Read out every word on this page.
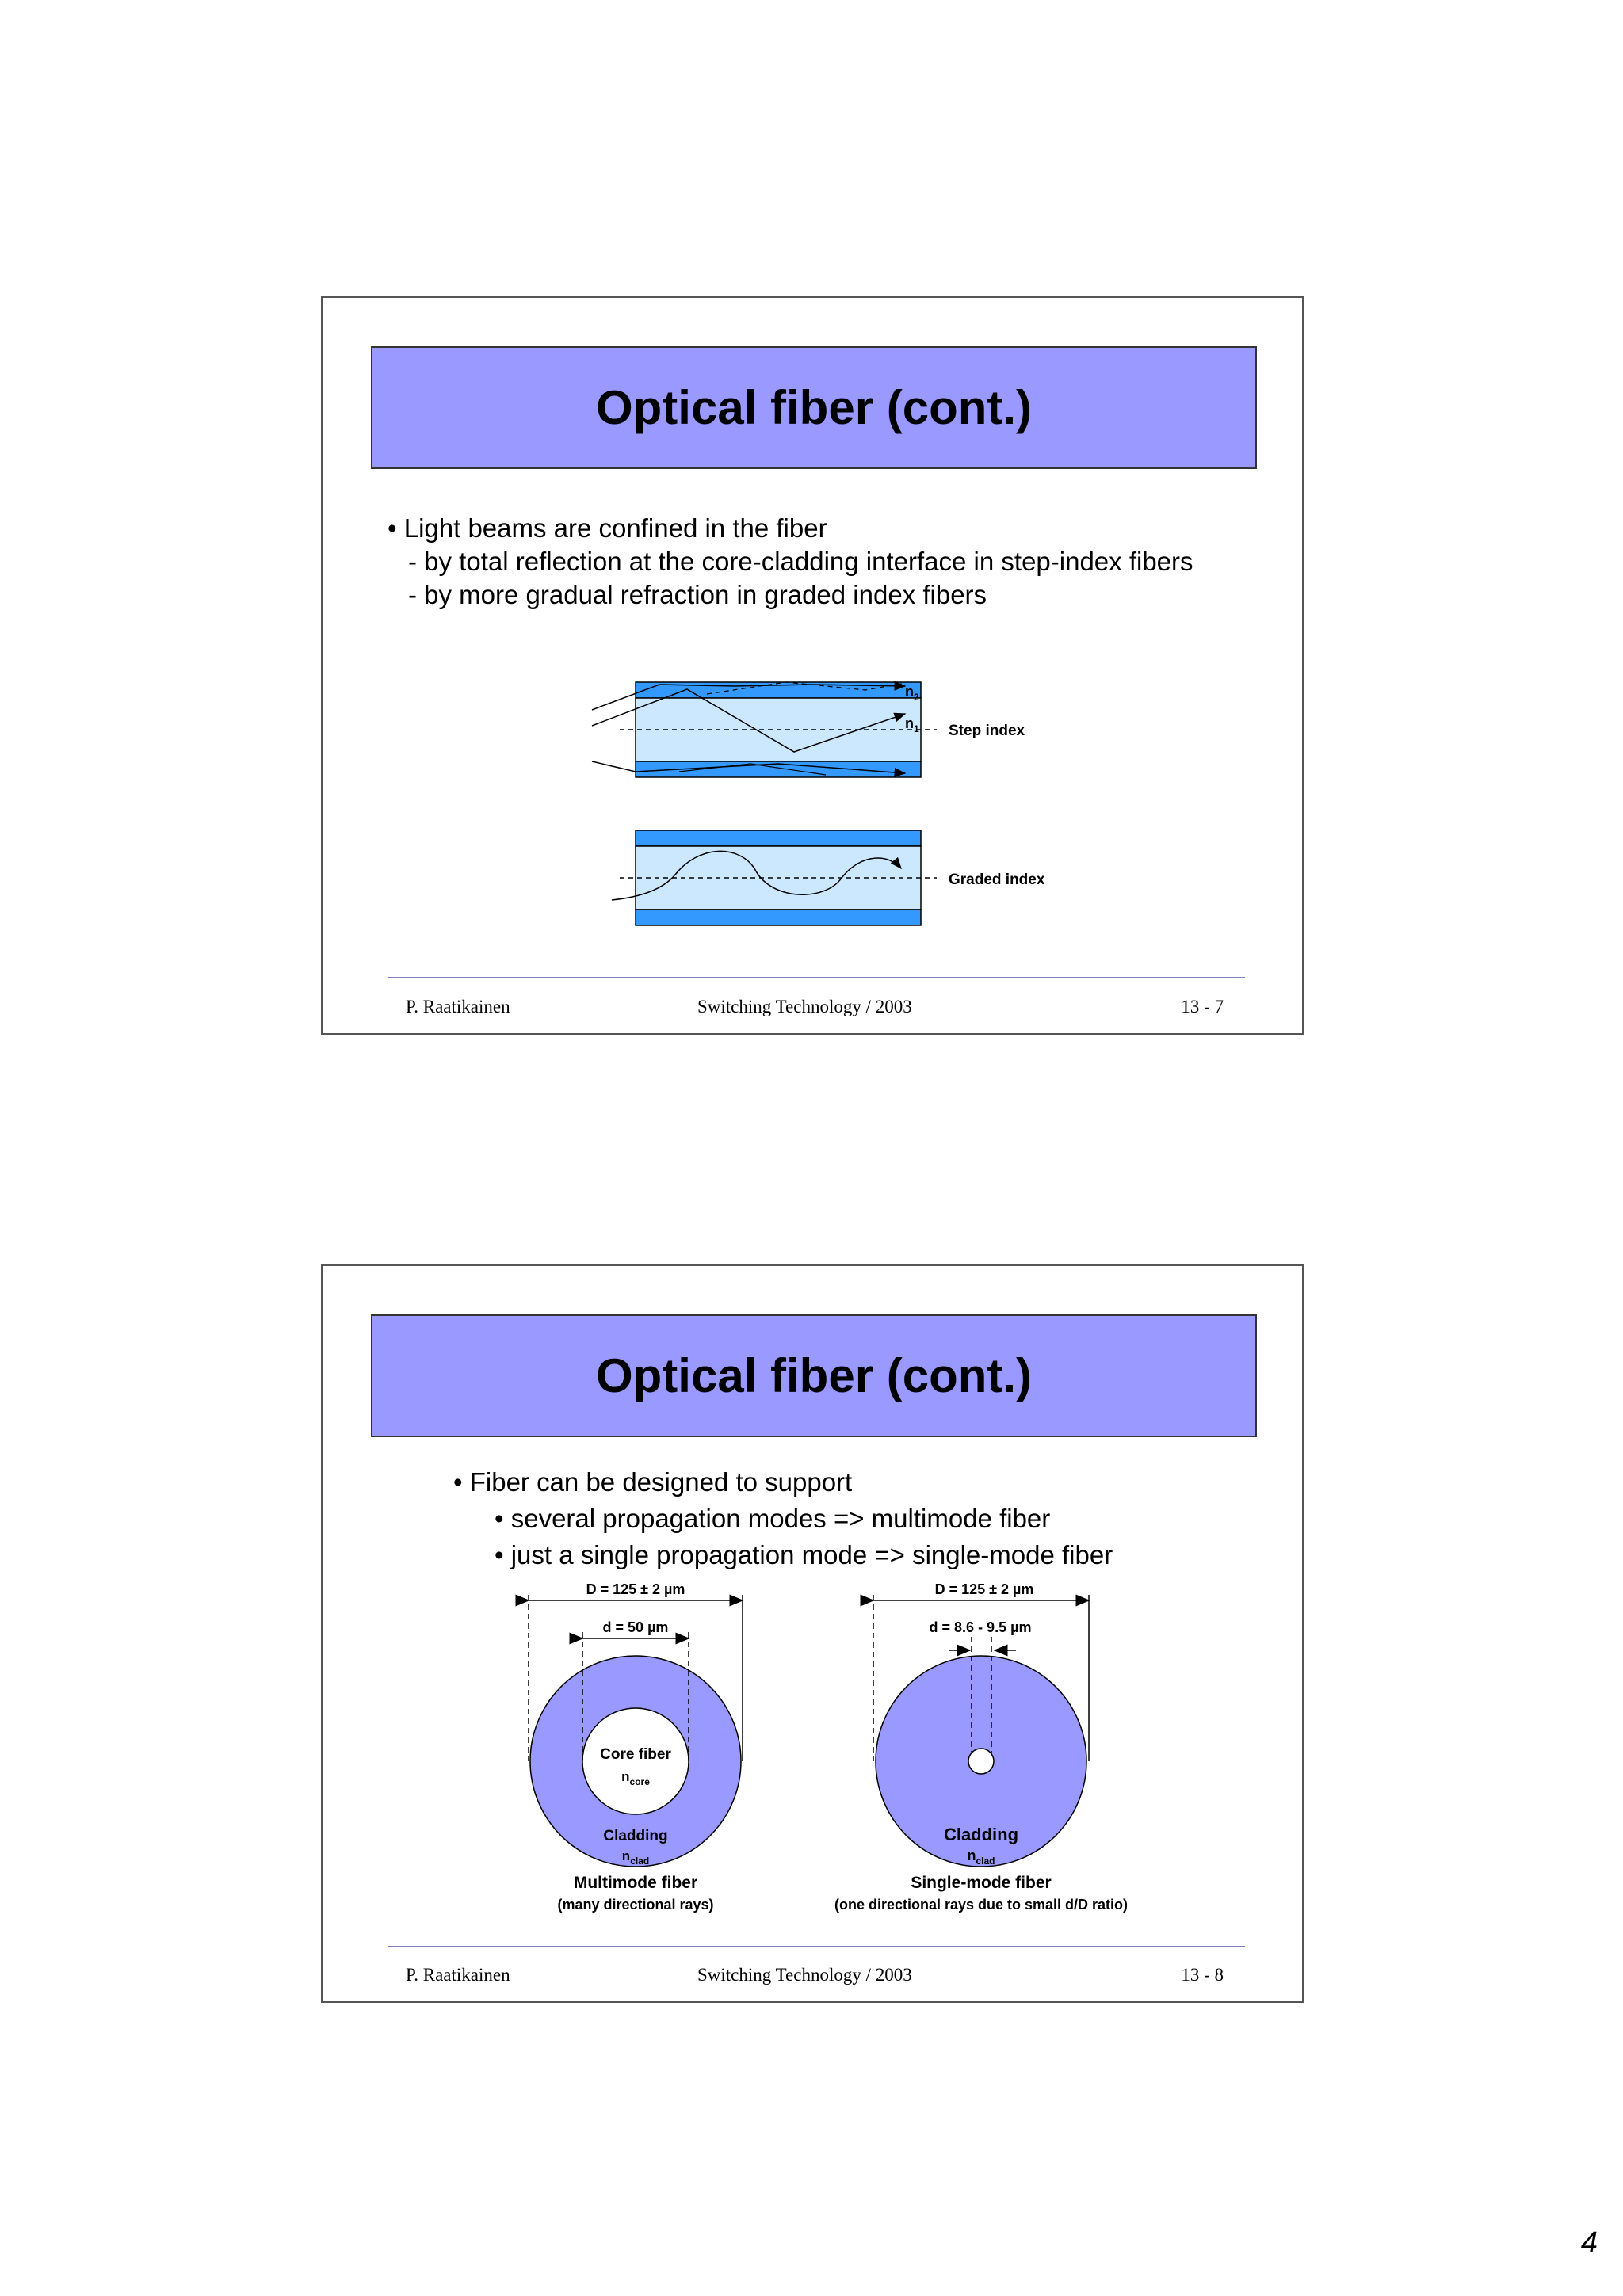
Optical fiber (cont.)
• Light beams are confined in the fiber
- by total reflection at the core-cladding interface in step-index fibers
- by more gradual refraction in graded index fibers
$n_2$
$n_1$ Step index
Graded index
P. Raatikainen	Switching Technology / 2003	13 - 7
Optical fiber (cont.)
• Fiber can be designed to support
• several propagation modes => multimode fiber
• just a single propagation mode => single-mode fiber
D = 125 ± 2 µm
d = 50 µm
Core fiber
$n_{core}$
Cladding
$n_{clad}$
Multimode fiber
(many directional rays)
D = 125 ± 2 µm
d = 8.6 - 9.5 µm
Cladding
$n_{clad}$
Single-mode fiber
(one directional rays due to small d/D ratio)
P. Raatikainen	Switching Technology / 2003	13 - 8
4
